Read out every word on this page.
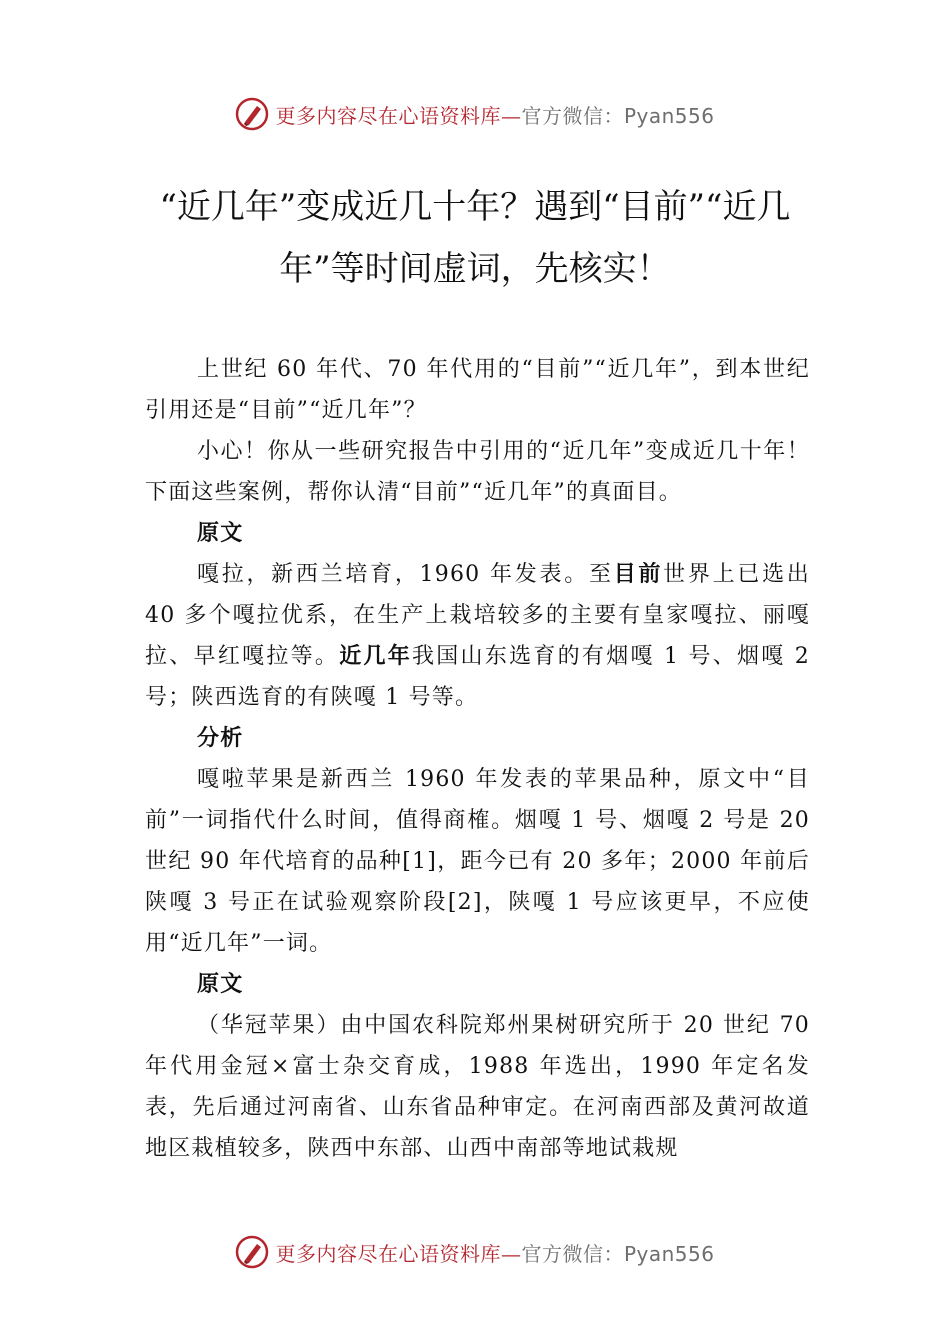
更多内容尽在心语资料库— 官方微信：Pyan556
“近几年”变成近几十年？遇到“目前”“近几年”等时间虚词，先核实！

上世纪 60 年代、70 年代用的“目前”“近几年”，到本世纪引用还是“目前”“近几年”？

小心！你从一些研究报告中引用的“近几年”变成近几十年！下面这些案例，帮你认清“目前”“近几年”的真面目。

原文

嘎拉，新西兰培育，1960 年发表。至目前世界上已选出 40 多个嘎拉优系，在生产上栽培较多的主要有皇家嘎拉、丽嘎拉、早红嘎拉等。近几年我国山东选育的有烟嘎 1 号、烟嘎 2 号；陕西选育的有陕嘎 1 号等。

分析

嘎啦苹果是新西兰 1960 年发表的苹果品种，原文中“目前”一词指代什么时间，值得商榷。烟嘎 1 号、烟嘎 2 号是 20 世纪 90 年代培育的品种[1]，距今已有 20 多年；2000 年前后陕嘎 3 号正在试验观察阶段[2]，陕嘎 1 号应该更早，不应使用“近几年”一词。

原文

（华冠苹果）由中国农科院郑州果树研究所于 20 世纪 70 年代用金冠×富士杂交育成，1988 年选出，1990 年定名发表，先后通过河南省、山东省品种审定。在河南西部及黄河故道地区栽植较多，陕西中东部、山西中南部等地试栽规

更多内容尽在心语资料库— 官方微信：Pyan556
